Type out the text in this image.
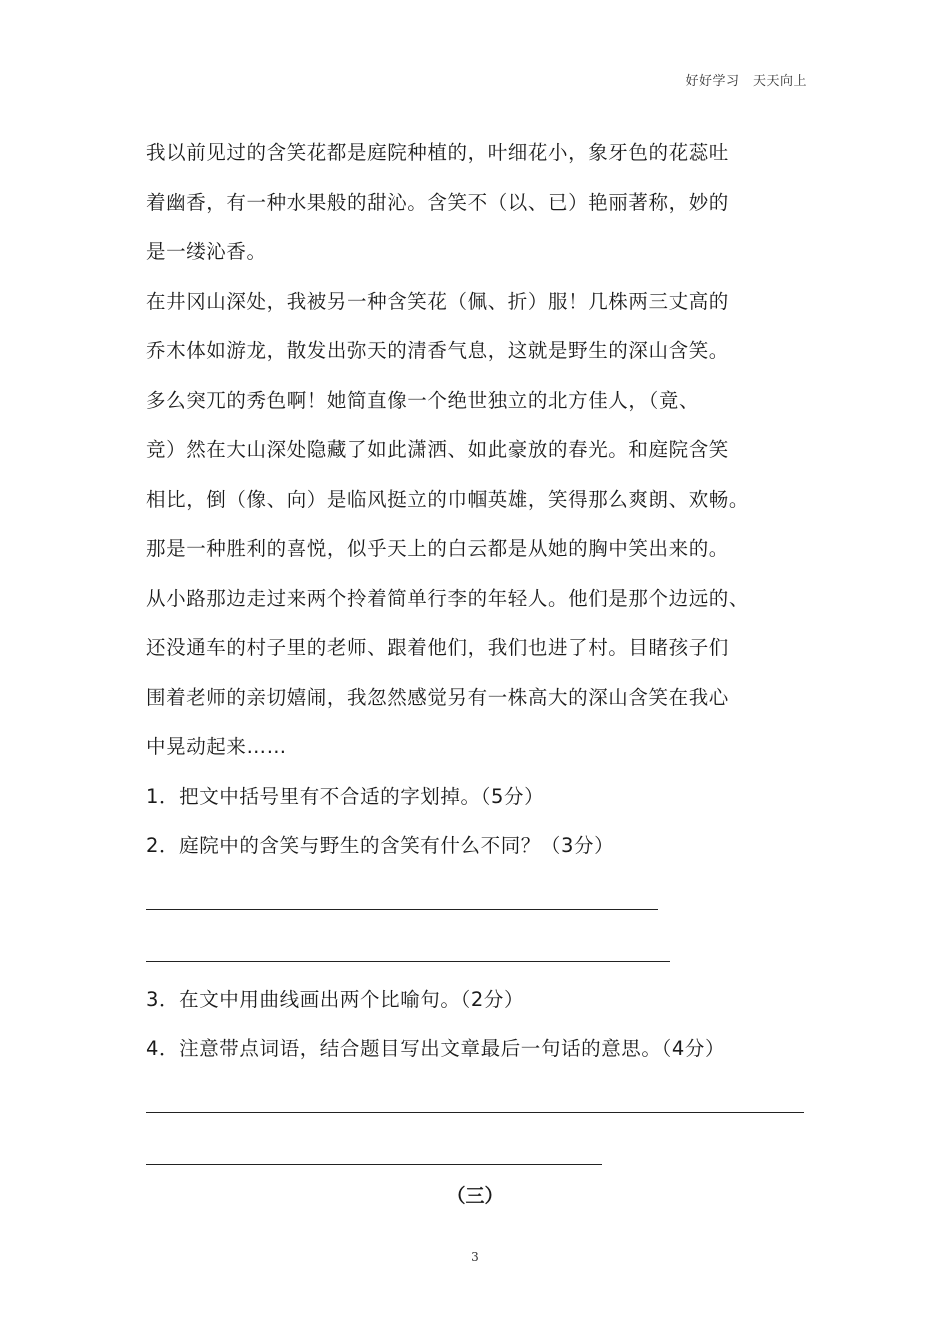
好好学习　天天向上
我以前见过的含笑花都是庭院种植的，叶细花小，象牙色的花蕊吐
着幽香，有一种水果般的甜沁。含笑不（以、已）艳丽著称，妙的
是一缕沁香。
在井冈山深处，我被另一种含笑花（佩、折）服！几株两三丈高的
乔木体如游龙，散发出弥天的清香气息，这就是野生的深山含笑。
多么突兀的秀色啊！她简直像一个绝世独立的北方佳人，（竟、
竞）然在大山深处隐藏了如此潇洒、如此豪放的春光。和庭院含笑
相比，倒（像、向）是临风挺立的巾帼英雄，笑得那么爽朗、欢畅。
那是一种胜利的喜悦，似乎天上的白云都是从她的胸中笑出来的。
从小路那边走过来两个拎着简单行李的年轻人。他们是那个边远的、
还没通车的村子里的老师、跟着他们，我们也进了村。目睹孩子们
围着老师的亲切嬉闹，我忽然感觉另有一株高大的深山含笑在我心
中晃动起来……
1．把文中括号里有不合适的字划掉。（5分）
2．庭院中的含笑与野生的含笑有什么不同？（3分）
3．在文中用曲线画出两个比喻句。（2分）
4．注意带点词语，结合题目写出文章最后一句话的意思。（4分）
（三）
3
